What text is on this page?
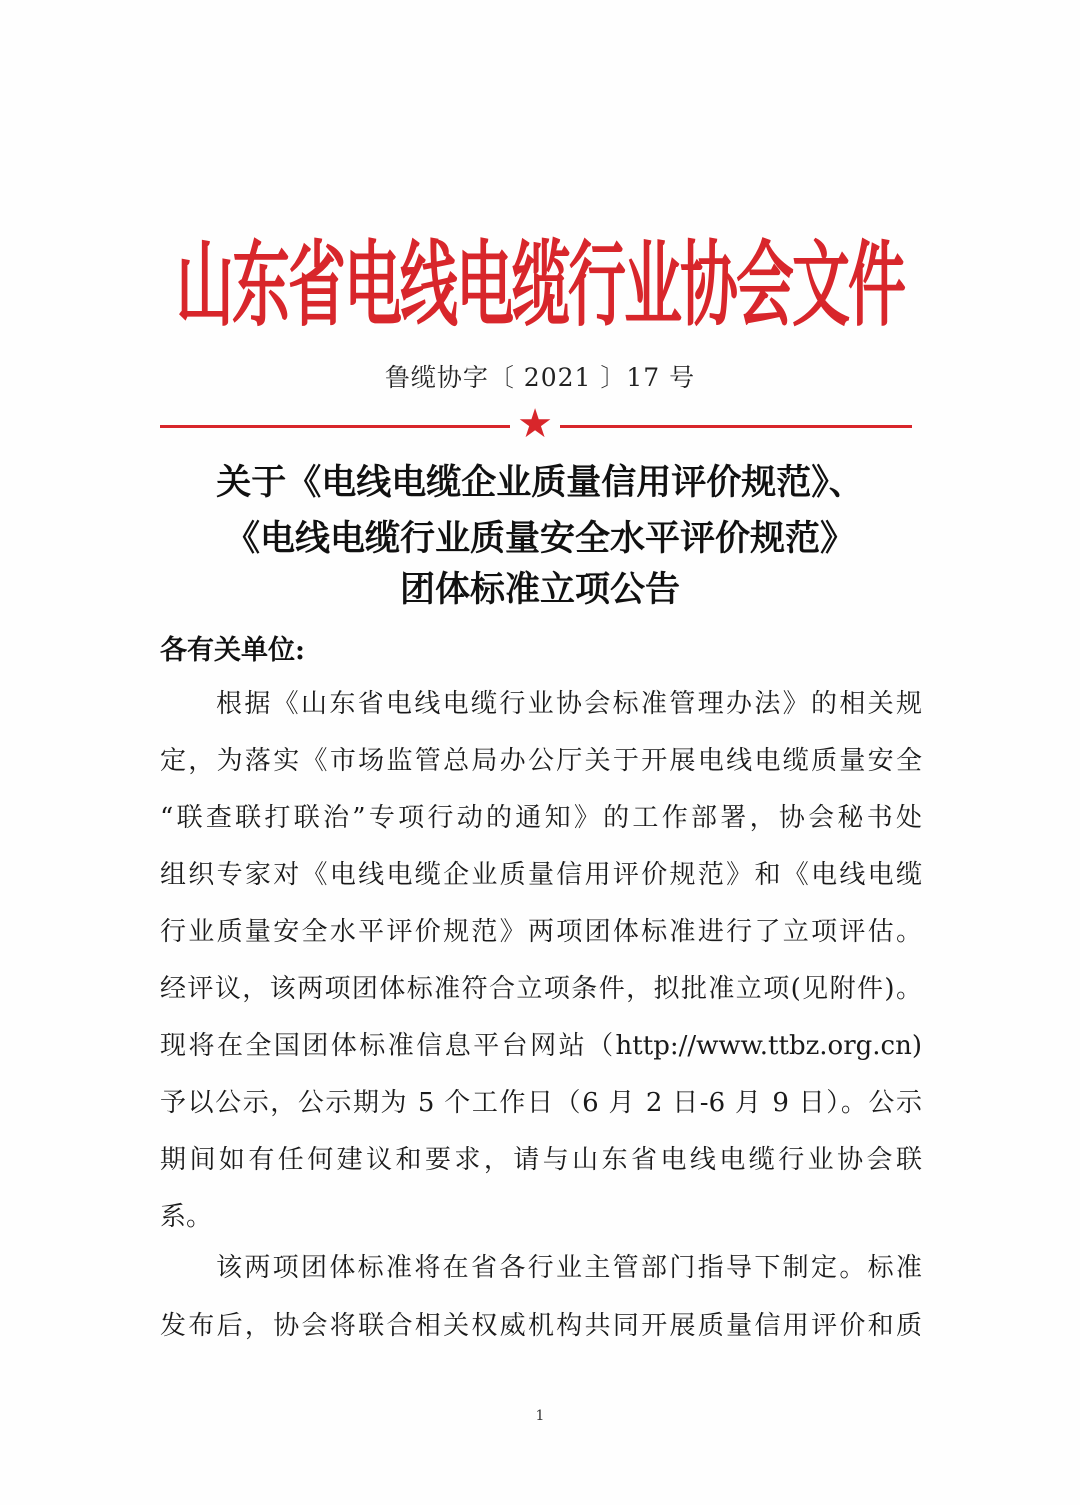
山东省电线电缆行业协会文件
鲁缆协字〔 2021 〕17 号
★
关于《电线电缆企业质量信用评价规范》、
《电线电缆行业质量安全水平评价规范》
团体标准立项公告
各有关单位:
根据《山东省电线电缆行业协会标准管理办法》的相关规
定，为落实《市场监管总局办公厅关于开展电线电缆质量安全
“联查联打联治”专项行动的通知》的工作部署，协会秘书处
组织专家对《电线电缆企业质量信用评价规范》和《电线电缆
行业质量安全水平评价规范》两项团体标准进行了立项评估。
经评议，该两项团体标准符合立项条件，拟批准立项(见附件)。
现将在全国团体标准信息平台网站（http://www.ttbz.org.cn)
予以公示，公示期为 5 个工作日（6 月 2 日-6 月 9 日）。公示
期间如有任何建议和要求，请与山东省电线电缆行业协会联
系。
该两项团体标准将在省各行业主管部门指导下制定。标准
发布后，协会将联合相关权威机构共同开展质量信用评价和质
1
